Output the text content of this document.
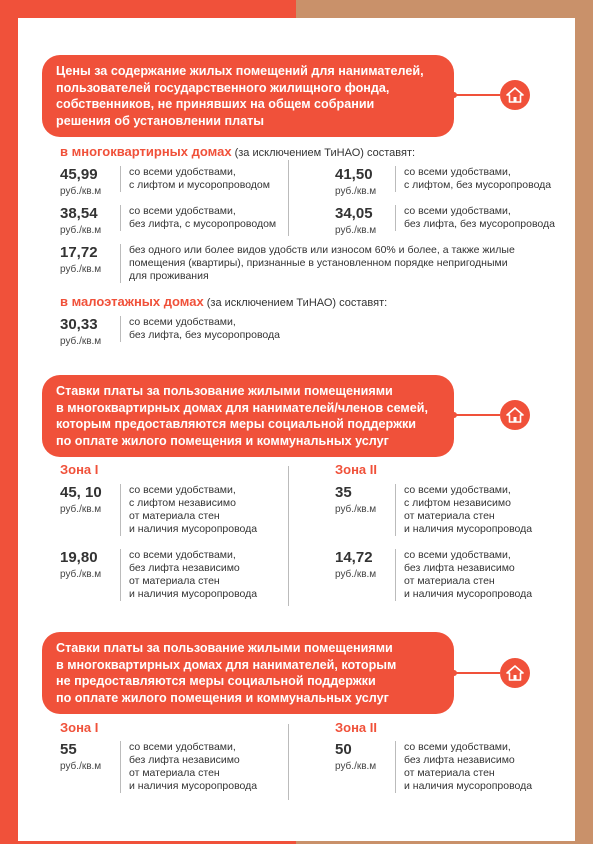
Цены за содержание жилых помещений для нанимателей,
пользователей государственного жилищного фонда,
собственников, не принявших на общем собрании
решения об установлении платы
в многоквартирных домах (за исключением ТиНАО) составят:
45,99
руб./кв.м
со всеми удобствами,
с лифтом и мусоропроводом
41,50
руб./кв.м
со всеми удобствами,
с лифтом, без мусоропровода
38,54
руб./кв.м
со всеми удобствами,
без лифта, с мусоропроводом
34,05
руб./кв.м
со всеми удобствами,
без лифта, без мусоропровода
17,72
руб./кв.м
без одного или более видов удобств или износом 60% и более, а также жилые
помещения (квартиры), признанные в установленном порядке непригодными
для проживания
в малоэтажных домах (за исключением ТиНАО) составят:
30,33
руб./кв.м
со всеми удобствами,
без лифта, без мусоропровода
Ставки платы за пользование жилыми помещениями
в многоквартирных домах для нанимателей/членов семей,
которым предоставляются меры социальной поддержки
по оплате жилого помещения и коммунальных услуг
Зона I	Зона II
45, 10
руб./кв.м
со всеми удобствами,
с лифтом независимо
от материала стен
и наличия мусоропровода
35
руб./кв.м
со всеми удобствами,
с лифтом независимо
от материала стен
и наличия мусоропровода
19,80
руб./кв.м
со всеми удобствами,
без лифта независимо
от материала стен
и наличия мусоропровода
14,72
руб./кв.м
со всеми удобствами,
без лифта независимо
от материала стен
и наличия мусоропровода
Ставки платы за пользование жилыми помещениями
в многоквартирных домах для нанимателей, которым
не предоставляются меры социальной поддержки
по оплате жилого помещения и коммунальных услуг
Зона I	Зона II
55
руб./кв.м
со всеми удобствами,
без лифта независимо
от материала стен
и наличия мусоропровода
50
руб./кв.м
со всеми удобствами,
без лифта независимо
от материала стен
и наличия мусоропровода
